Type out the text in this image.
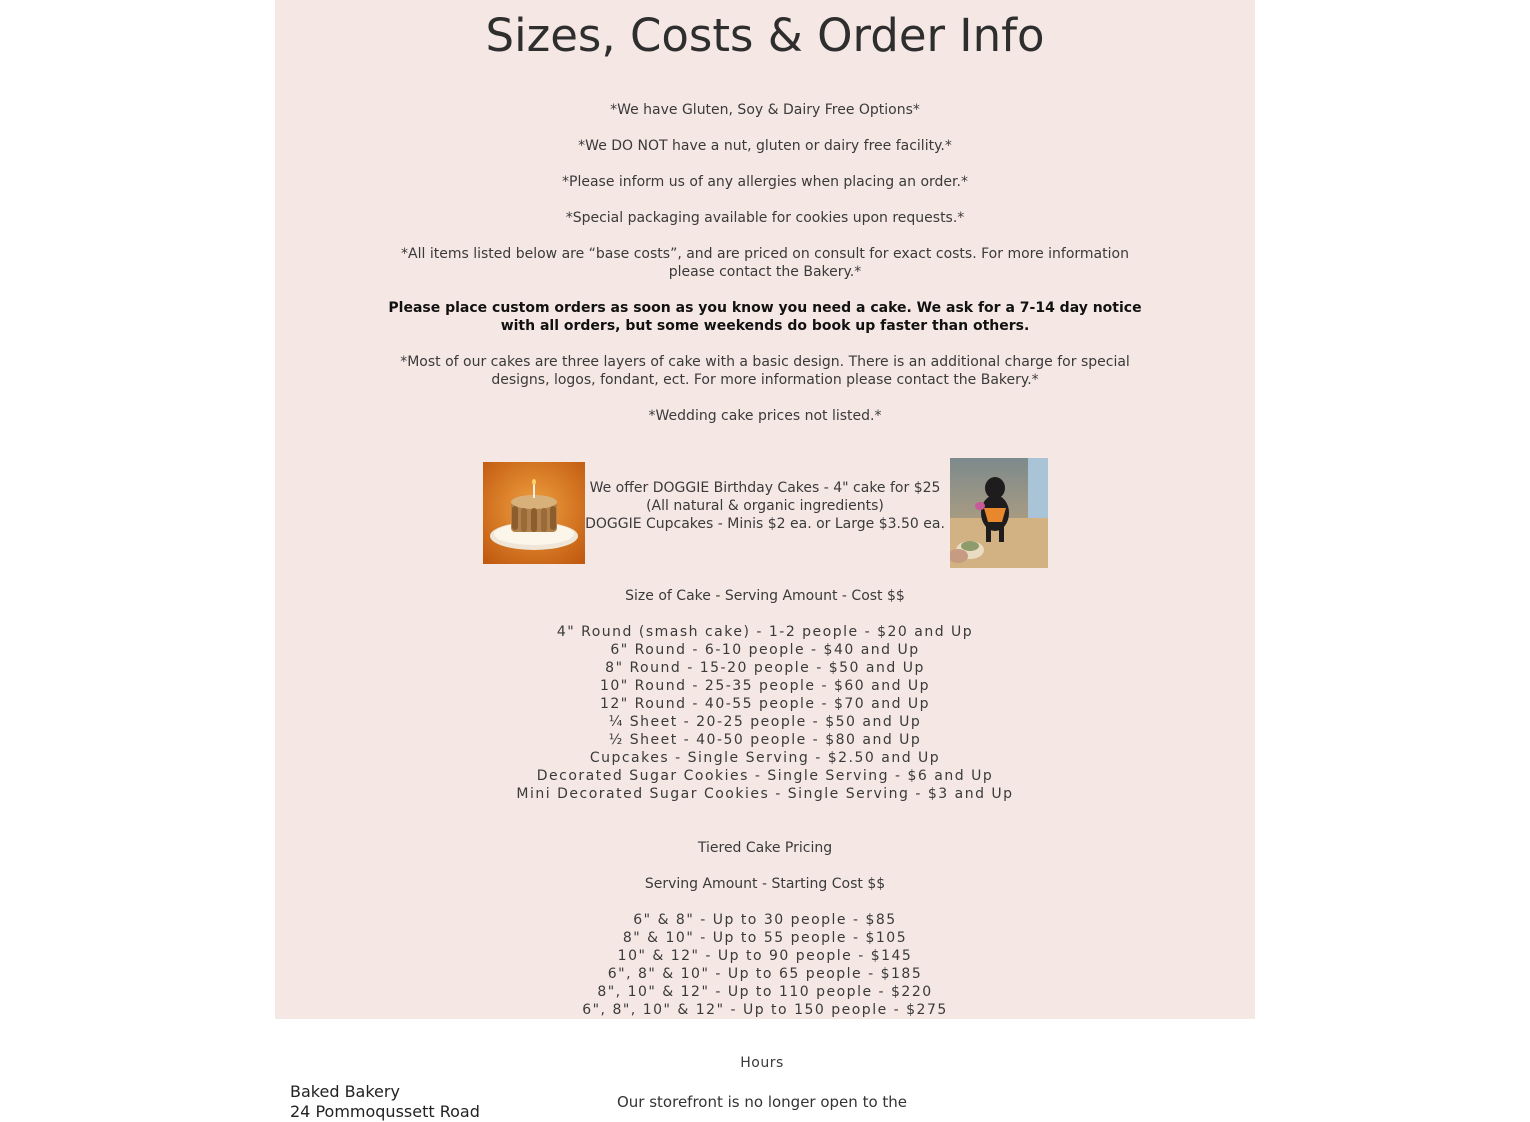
Sizes, Costs & Order Info
*We have Gluten, Soy & Dairy Free Options*
*We DO NOT have a nut, gluten or dairy free facility.*
*Please inform us of any allergies when placing an order.*
*Special packaging available for cookies upon requests.*
*All items listed below are “base costs”, and are priced on consult for exact costs. For more information
please contact the Bakery.*
Please place custom orders as soon as you know you need a cake. We ask for a 7-14 day notice
with all orders, but some weekends do book up faster than others.
*Most of our cakes are three layers of cake with a basic design. There is an additional charge for special
designs, logos, fondant, ect. For more information please contact the Bakery.*
*Wedding cake prices not listed.*
We offer DOGGIE Birthday Cakes - 4" cake for $25
(All natural & organic ingredients)
DOGGIE Cupcakes - Minis $2 ea. or Large $3.50 ea.
Size of Cake - Serving Amount - Cost $$
4" Round (smash cake) - 1-2 people - $20 and Up
6" Round - 6-10 people - $40 and Up
8" Round - 15-20 people - $50 and Up
10" Round - 25-35 people - $60 and Up
12" Round - 40-55 people - $70 and Up
¼ Sheet - 20-25 people - $50 and Up
½ Sheet - 40-50 people - $80 and Up
Cupcakes - Single Serving - $2.50 and Up
Decorated Sugar Cookies - Single Serving - $6 and Up
Mini Decorated Sugar Cookies - Single Serving - $3 and Up
Tiered Cake Pricing
Serving Amount - Starting Cost $$
6" & 8" - Up to 30 people - $85
8" & 10" - Up to 55 people - $105
10" & 12" - Up to 90 people - $145
6", 8" & 10" - Up to 65 people - $185
8", 10" & 12" - Up to 110 people - $220
6", 8", 10" & 12" - Up to 150 people - $275
Hours
Our storefront is no longer open to the
Baked Bakery
24 Pommoqussett Road
